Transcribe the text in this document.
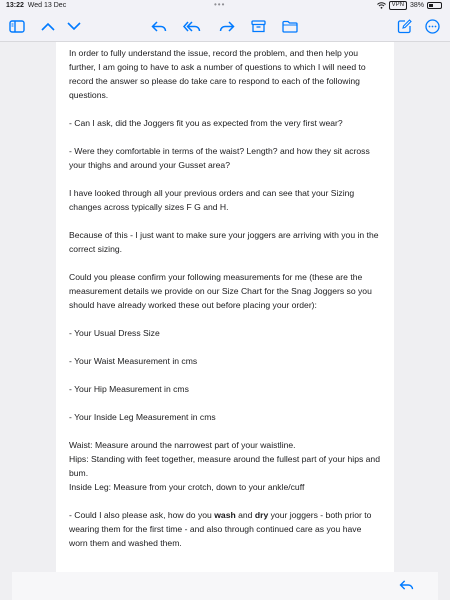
13:22 Wed 13 Dec	•••	VPN 38%

In order to fully understand the issue, record the problem, and then help you further, I am going to have to ask a number of questions to which I will need to record the answer so please do take care to respond to each of the following questions.

- Can I ask, did the Joggers fit you as expected from the very first wear?

- Were they comfortable in terms of the waist? Length? and how they sit across your thighs and around your Gusset area?

I have looked through all your previous orders and can see that your Sizing changes across typically sizes F G and H.

Because of this - I just want to make sure your joggers are arriving with you in the correct sizing.

Could you please confirm your following measurements for me (these are the measurement details we provide on our Size Chart for the Snag Joggers so you should have already worked these out before placing your order):

- Your Usual Dress Size

- Your Waist Measurement in cms

- Your Hip Measurement in cms

- Your Inside Leg Measurement in cms

Waist: Measure around the narrowest part of your waistline.

Hips: Standing with feet together, measure around the fullest part of your hips and bum.

Inside Leg: Measure from your crotch, down to your ankle/cuff

- Could I also please ask, how do you wash and dry your joggers - both prior to wearing them for the first time - and also through continued care as you have worn them and washed them.
